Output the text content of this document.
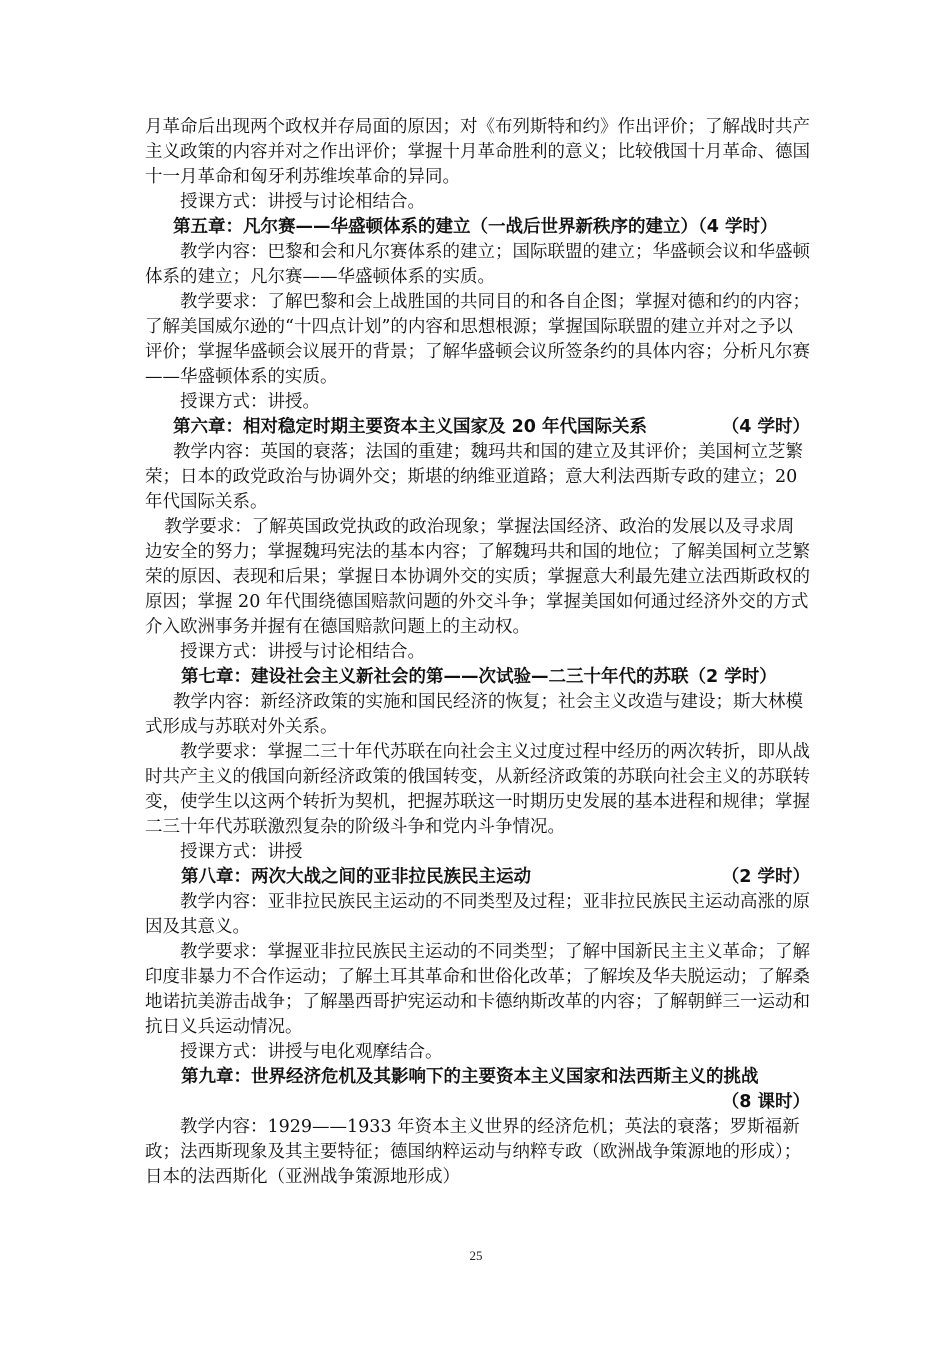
月革命后出现两个政权并存局面的原因；对《布列斯特和约》作出评价；了解战时共产主义政策的内容并对之作出评价；掌握十月革命胜利的意义；比较俄国十月革命、德国十一月革命和匈牙利苏维埃革命的异同。

授课方式：讲授与讨论相结合。

第五章：凡尔赛——华盛顿体系的建立（一战后世界新秩序的建立）（4 学时）

教学内容：巴黎和会和凡尔赛体系的建立；国际联盟的建立；华盛顿会议和华盛顿体系的建立；凡尔赛——华盛顿体系的实质。

教学要求：了解巴黎和会上战胜国的共同目的和各自企图；掌握对德和约的内容；了解美国威尔逊的“十四点计划”的内容和思想根源；掌握国际联盟的建立并对之予以评价；掌握华盛顿会议展开的背景；了解华盛顿会议所签条约的具体内容；分析凡尔赛——华盛顿体系的实质。

授课方式：讲授。

第六章：相对稳定时期主要资本主义国家及 20 年代国际关系	（4 学时）

教学内容：英国的衰落；法国的重建；魏玛共和国的建立及其评价；美国柯立芝繁荣；日本的政党政治与协调外交；斯堪的纳维亚道路；意大利法西斯专政的建立；20 年代国际关系。

教学要求：了解英国政党执政的政治现象；掌握法国经济、政治的发展以及寻求周边安全的努力；掌握魏玛宪法的基本内容；了解魏玛共和国的地位；了解美国柯立芝繁荣的原因、表现和后果；掌握日本协调外交的实质；掌握意大利最先建立法西斯政权的原因；掌握 20 年代围绕德国赔款问题的外交斗争；掌握美国如何通过经济外交的方式介入欧洲事务并握有在德国赔款问题上的主动权。

授课方式：讲授与讨论相结合。

第七章：建设社会主义新社会的第——次试验—二三十年代的苏联（2 学时）

教学内容：新经济政策的实施和国民经济的恢复；社会主义改造与建设；斯大林模式形成与苏联对外关系。

教学要求：掌握二三十年代苏联在向社会主义过度过程中经历的两次转折，即从战时共产主义的俄国向新经济政策的俄国转变，从新经济政策的苏联向社会主义的苏联转变，使学生以这两个转折为契机，把握苏联这一时期历史发展的基本进程和规律；掌握二三十年代苏联激烈复杂的阶级斗争和党内斗争情况。

授课方式：讲授

第八章：两次大战之间的亚非拉民族民主运动	（2 学时）

教学内容：亚非拉民族民主运动的不同类型及过程；亚非拉民族民主运动高涨的原因及其意义。

教学要求：掌握亚非拉民族民主运动的不同类型；了解中国新民主主义革命；了解印度非暴力不合作运动；了解土耳其革命和世俗化改革；了解埃及华夫脱运动；了解桑地诺抗美游击战争；了解墨西哥护宪运动和卡德纳斯改革的内容；了解朝鲜三一运动和抗日义兵运动情况。

授课方式：讲授与电化观摩结合。

第九章：世界经济危机及其影响下的主要资本主义国家和法西斯主义的挑战

（8 课时）

教学内容：1929——1933 年资本主义世界的经济危机；英法的衰落；罗斯福新政；法西斯现象及其主要特征；德国纳粹运动与纳粹专政（欧洲战争策源地的形成）；日本的法西斯化（亚洲战争策源地形成）

25
